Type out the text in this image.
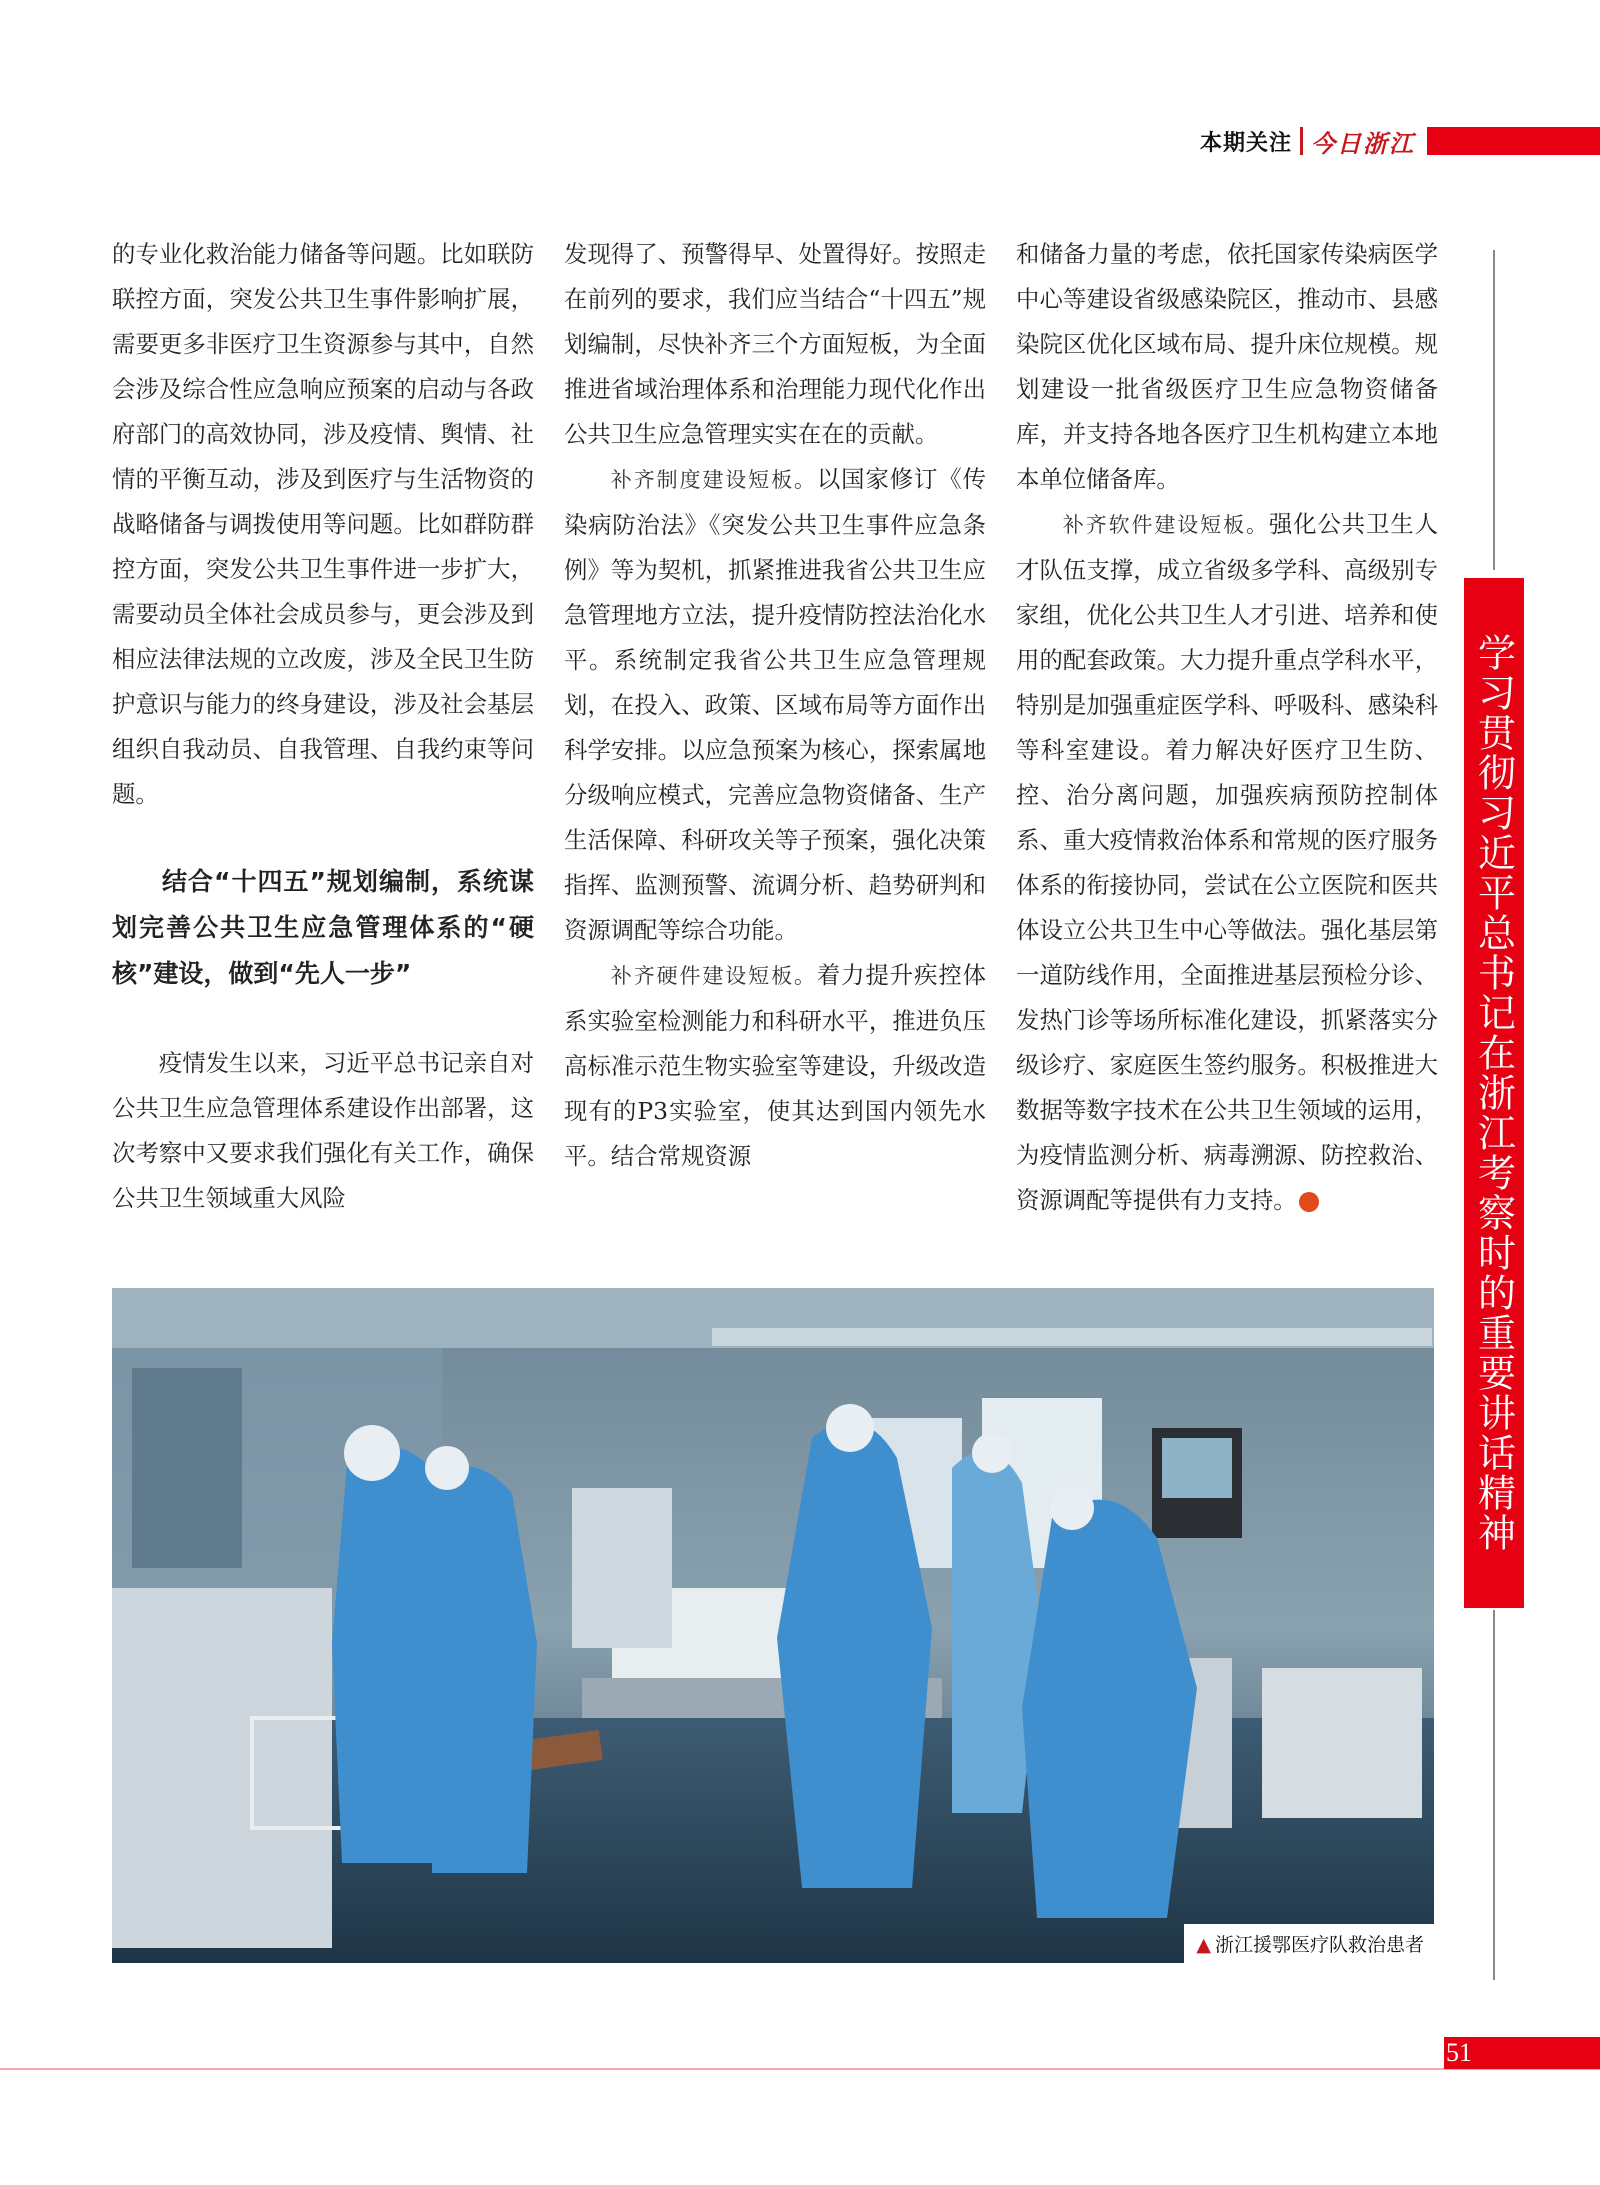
本期关注 今日浙江

的专业化救治能力储备等问题。比如联防联控方面，突发公共卫生事件影响扩展，需要更多非医疗卫生资源参与其中，自然会涉及综合性应急响应预案的启动与各政府部门的高效协同，涉及疫情、舆情、社情的平衡互动，涉及到医疗与生活物资的战略储备与调拨使用等问题。比如群防群控方面，突发公共卫生事件进一步扩大，需要动员全体社会成员参与，更会涉及到相应法律法规的立改废，涉及全民卫生防护意识与能力的终身建设，涉及社会基层组织自我动员、自我管理、自我约束等问题。

结合“十四五”规划编制，系统谋划完善公共卫生应急管理体系的“硬核”建设，做到“先人一步”

疫情发生以来，习近平总书记亲自对公共卫生应急管理体系建设作出部署，这次考察中又要求我们强化有关工作，确保公共卫生领域重大风险

发现得了、预警得早、处置得好。按照走在前列的要求，我们应当结合“十四五”规划编制，尽快补齐三个方面短板，为全面推进省域治理体系和治理能力现代化作出公共卫生应急管理实实在在的贡献。

补齐制度建设短板。以国家修订《传染病防治法》《突发公共卫生事件应急条例》等为契机，抓紧推进我省公共卫生应急管理地方立法，提升疫情防控法治化水平。系统制定我省公共卫生应急管理规划，在投入、政策、区域布局等方面作出科学安排。以应急预案为核心，探索属地分级响应模式，完善应急物资储备、生产生活保障、科研攻关等子预案，强化决策指挥、监测预警、流调分析、趋势研判和资源调配等综合功能。

补齐硬件建设短板。着力提升疾控体系实验室检测能力和科研水平，推进负压高标准示范生物实验室等建设，升级改造现有的P3实验室，使其达到国内领先水平。结合常规资源

和储备力量的考虑，依托国家传染病医学中心等建设省级感染院区，推动市、县感染院区优化区域布局、提升床位规模。规划建设一批省级医疗卫生应急物资储备库，并支持各地各医疗卫生机构建立本地本单位储备库。

补齐软件建设短板。强化公共卫生人才队伍支撑，成立省级多学科、高级别专家组，优化公共卫生人才引进、培养和使用的配套政策。大力提升重点学科水平，特别是加强重症医学科、呼吸科、感染科等科室建设。着力解决好医疗卫生防、控、治分离问题，加强疾病预防控制体系、重大疫情救治体系和常规的医疗服务体系的衔接协同，尝试在公立医院和医共体设立公共卫生中心等做法。强化基层第一道防线作用，全面推进基层预检分诊、发热门诊等场所标准化建设，抓紧落实分级诊疗、家庭医生签约服务。积极推进大数据等数字技术在公共卫生领域的运用，为疫情监测分析、病毒溯源、防控救治、资源调配等提供有力支持。	学习贯彻习近平总书记在浙江考察时的重要讲话精神
▲ 浙江援鄂医疗队救治患者
51
